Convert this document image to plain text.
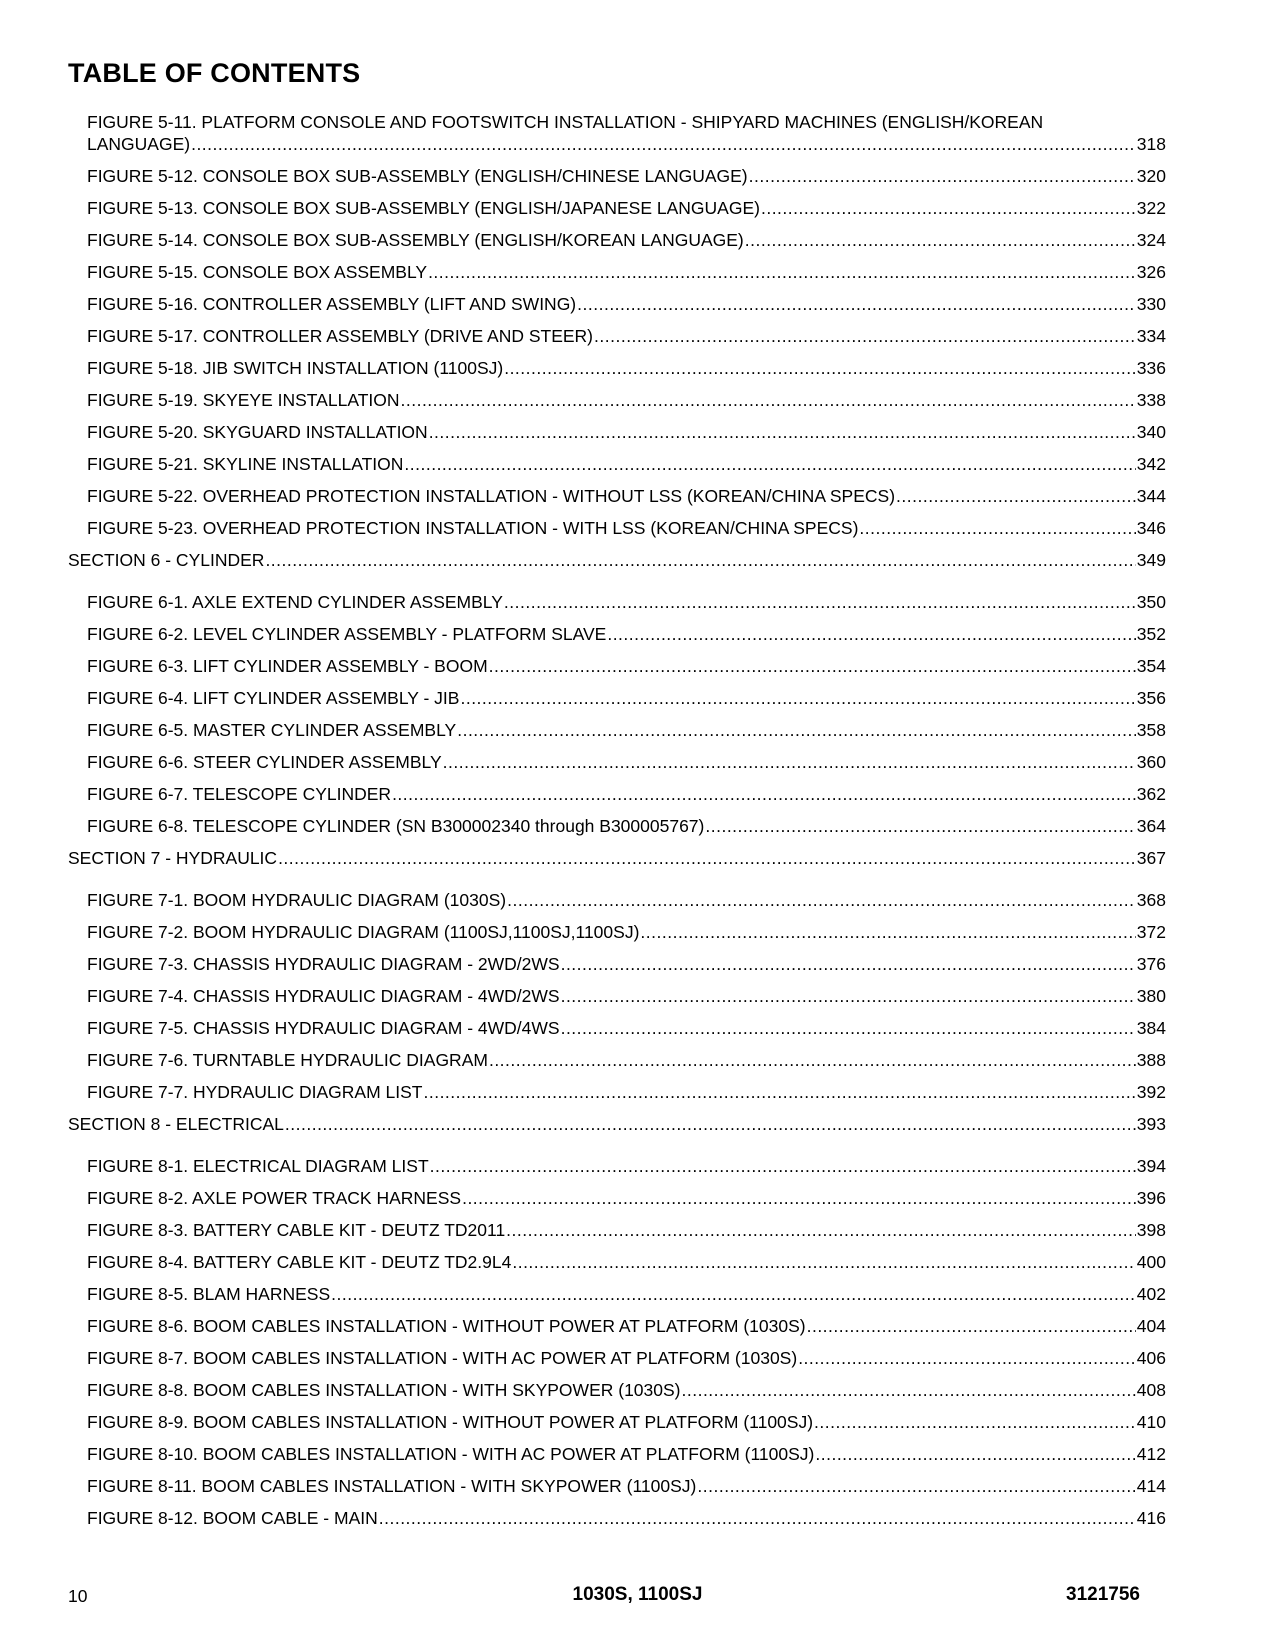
TABLE OF CONTENTS
FIGURE 5-11. PLATFORM CONSOLE AND FOOTSWITCH INSTALLATION - SHIPYARD MACHINES (ENGLISH/KOREAN
LANGUAGE) .....	318
FIGURE 5-12. CONSOLE BOX SUB-ASSEMBLY (ENGLISH/CHINESE LANGUAGE) .....	320
FIGURE 5-13. CONSOLE BOX SUB-ASSEMBLY (ENGLISH/JAPANESE LANGUAGE) .....	322
FIGURE 5-14. CONSOLE BOX SUB-ASSEMBLY (ENGLISH/KOREAN LANGUAGE) .....	324
FIGURE 5-15. CONSOLE BOX ASSEMBLY .....	326
FIGURE 5-16. CONTROLLER ASSEMBLY (LIFT AND SWING) .....	330
FIGURE 5-17. CONTROLLER ASSEMBLY (DRIVE AND STEER) .....	334
FIGURE 5-18. JIB SWITCH INSTALLATION (1100SJ) .....	336
FIGURE 5-19. SKYEYE INSTALLATION .....	338
FIGURE 5-20. SKYGUARD INSTALLATION .....	340
FIGURE 5-21. SKYLINE INSTALLATION .....	342
FIGURE 5-22. OVERHEAD PROTECTION INSTALLATION - WITHOUT LSS (KOREAN/CHINA SPECS) .....	344
FIGURE 5-23. OVERHEAD PROTECTION INSTALLATION - WITH LSS (KOREAN/CHINA SPECS) .....	346
SECTION 6 - CYLINDER .....	349
FIGURE 6-1. AXLE EXTEND CYLINDER ASSEMBLY .....	350
FIGURE 6-2. LEVEL CYLINDER ASSEMBLY - PLATFORM SLAVE .....	352
FIGURE 6-3. LIFT CYLINDER ASSEMBLY - BOOM .....	354
FIGURE 6-4. LIFT CYLINDER ASSEMBLY - JIB .....	356
FIGURE 6-5. MASTER CYLINDER ASSEMBLY .....	358
FIGURE 6-6. STEER CYLINDER ASSEMBLY .....	360
FIGURE 6-7. TELESCOPE CYLINDER .....	362
FIGURE 6-8. TELESCOPE CYLINDER (SN B300002340 through B300005767) .....	364
SECTION 7 - HYDRAULIC .....	367
FIGURE 7-1. BOOM HYDRAULIC DIAGRAM (1030S) .....	368
FIGURE 7-2. BOOM HYDRAULIC DIAGRAM (1100SJ,1100SJ,1100SJ) .....	372
FIGURE 7-3. CHASSIS HYDRAULIC DIAGRAM - 2WD/2WS .....	376
FIGURE 7-4. CHASSIS HYDRAULIC DIAGRAM - 4WD/2WS .....	380
FIGURE 7-5. CHASSIS HYDRAULIC DIAGRAM - 4WD/4WS .....	384
FIGURE 7-6. TURNTABLE HYDRAULIC DIAGRAM .....	388
FIGURE 7-7. HYDRAULIC DIAGRAM LIST .....	392
SECTION 8 - ELECTRICAL .....	393
FIGURE 8-1. ELECTRICAL DIAGRAM LIST .....	394
FIGURE 8-2. AXLE POWER TRACK HARNESS .....	396
FIGURE 8-3. BATTERY CABLE KIT - DEUTZ TD2011 .....	398
FIGURE 8-4. BATTERY CABLE KIT - DEUTZ TD2.9L4 .....	400
FIGURE 8-5. BLAM HARNESS .....	402
FIGURE 8-6. BOOM CABLES INSTALLATION - WITHOUT POWER AT PLATFORM (1030S) .....	404
FIGURE 8-7. BOOM CABLES INSTALLATION - WITH AC POWER AT PLATFORM (1030S) .....	406
FIGURE 8-8. BOOM CABLES INSTALLATION - WITH SKYPOWER (1030S) .....	408
FIGURE 8-9. BOOM CABLES INSTALLATION - WITHOUT POWER AT PLATFORM (1100SJ) .....	410
FIGURE 8-10. BOOM CABLES INSTALLATION - WITH AC POWER AT PLATFORM (1100SJ) .....	412
FIGURE 8-11. BOOM CABLES INSTALLATION - WITH SKYPOWER (1100SJ) .....	414
FIGURE 8-12. BOOM CABLE - MAIN .....	416
10	1030S, 1100SJ	3121756
